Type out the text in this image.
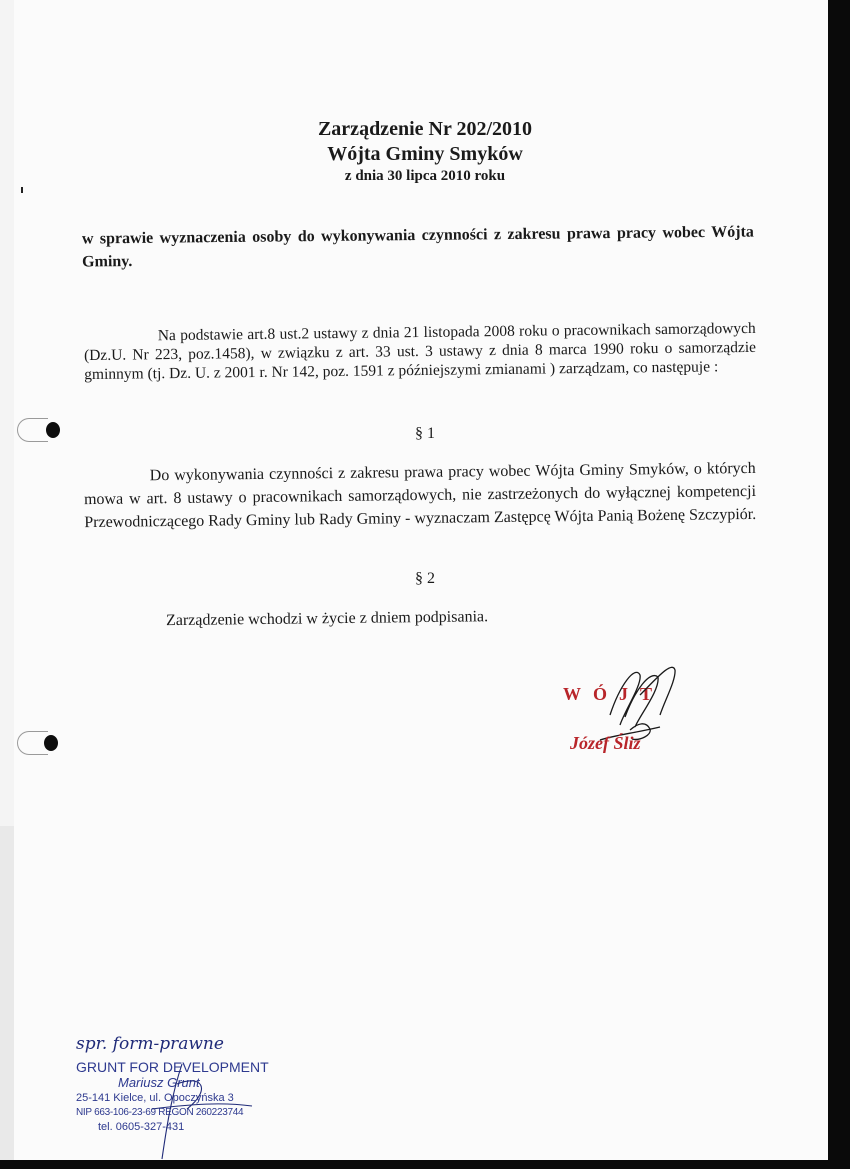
Zarządzenie Nr 202/2010
Wójta Gminy Smyków
z dnia 30 lipca 2010 roku
w sprawie wyznaczenia osoby do wykonywania czynności z zakresu prawa pracy wobec Wójta Gminy.
Na podstawie art.8 ust.2 ustawy z dnia 21 listopada 2008 roku o pracownikach samorządowych (Dz.U. Nr 223, poz.1458), w związku z art. 33 ust. 3 ustawy z dnia 8 marca 1990 roku o samorządzie gminnym (tj. Dz. U. z 2001 r. Nr 142, poz. 1591 z późniejszymi zmianami ) zarządzam, co następuje :
§ 1
Do wykonywania czynności z zakresu prawa pracy wobec Wójta Gminy Smyków, o których mowa w art. 8 ustawy o pracownikach samorządowych, nie zastrzeżonych do wyłącznej kompetencji Przewodniczącego Rady Gminy lub Rady Gminy - wyznaczam Zastępcę Wójta Panią Bożenę Szczypiór.
§ 2
Zarządzenie wchodzi w życie z dniem podpisania.
WÓJT
Józef Śliz
spr. form-prawne
GRUNT FOR DEVELOPMENT
Mariusz Grunt
25-141 Kielce, ul. Opoczyńska 3
NIP 663-106-23-69 REGON 260223744
tel. 0605-327-431
